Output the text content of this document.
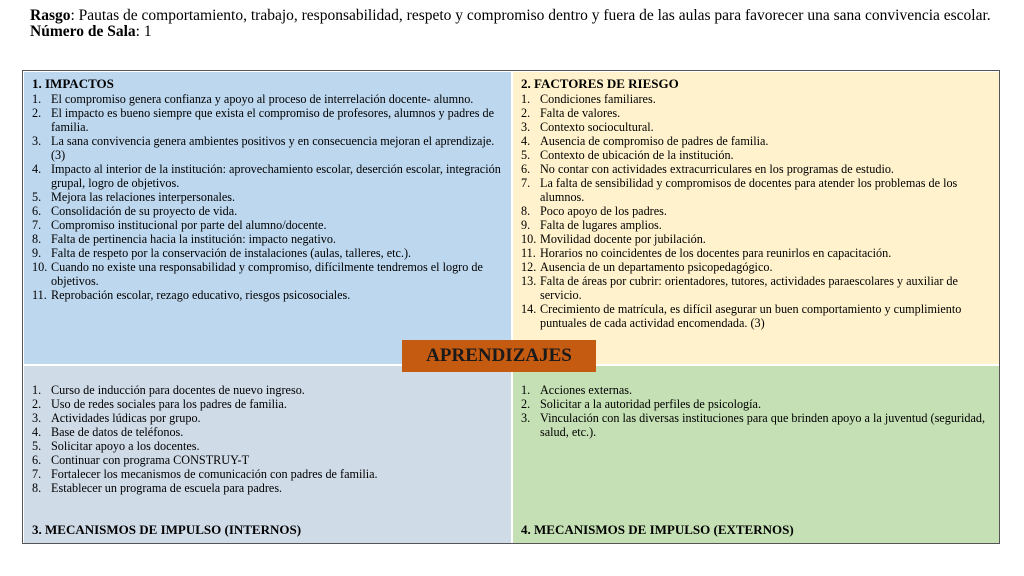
Rasgo: Pautas de comportamiento, trabajo, responsabilidad, respeto y compromiso dentro y fuera de las aulas para favorecer una sana convivencia escolar.
Número de Sala: 1
1. IMPACTOS
1. El compromiso genera confianza y apoyo al proceso de interrelación docente- alumno.
2. El impacto es bueno siempre que exista el compromiso de profesores, alumnos y padres de familia.
3. La sana convivencia genera ambientes positivos y en consecuencia mejoran el aprendizaje. (3)
4. Impacto al interior de la institución: aprovechamiento escolar, deserción escolar, integración grupal, logro de objetivos.
5. Mejora las relaciones interpersonales.
6. Consolidación de su proyecto de vida.
7. Compromiso institucional por parte del alumno/docente.
8. Falta de pertinencia hacia la institución: impacto negativo.
9. Falta de respeto por la conservación de instalaciones (aulas, talleres, etc.).
10. Cuando no existe una responsabilidad y compromiso, difícilmente tendremos el logro de objetivos.
11. Reprobación escolar, rezago educativo, riesgos psicosociales.
2. FACTORES DE RIESGO
1. Condiciones familiares.
2. Falta de valores.
3. Contexto sociocultural.
4. Ausencia de compromiso de padres de familia.
5. Contexto de ubicación de la institución.
6. No contar con actividades extracurriculares en los programas de estudio.
7. La falta de sensibilidad y compromisos de docentes para atender los problemas de los alumnos.
8. Poco apoyo de los padres.
9. Falta de lugares amplios.
10. Movilidad docente por jubilación.
11. Horarios no coincidentes de los docentes para reunirlos en capacitación.
12. Ausencia de un departamento psicopedagógico.
13. Falta de áreas por cubrir: orientadores, tutores, actividades paraescolares y auxiliar de servicio.
14. Crecimiento de matrícula, es difícil asegurar un buen comportamiento y cumplimiento puntuales de cada actividad encomendada. (3)
1. Curso de inducción para docentes de nuevo ingreso.
2. Uso de redes sociales para los padres de familia.
3. Actividades lúdicas por grupo.
4. Base de datos de teléfonos.
5. Solicitar apoyo a los docentes.
6. Continuar con programa CONSTRUY-T
7. Fortalecer los mecanismos de comunicación con padres de familia.
8. Establecer un programa de escuela para padres.
3. MECANISMOS DE IMPULSO (INTERNOS)
1. Acciones externas.
2. Solicitar a la autoridad perfiles de psicología.
3. Vinculación con las diversas instituciones para que brinden apoyo a la juventud (seguridad, salud, etc.).
4. MECANISMOS DE IMPULSO (EXTERNOS)
APRENDIZAJES
